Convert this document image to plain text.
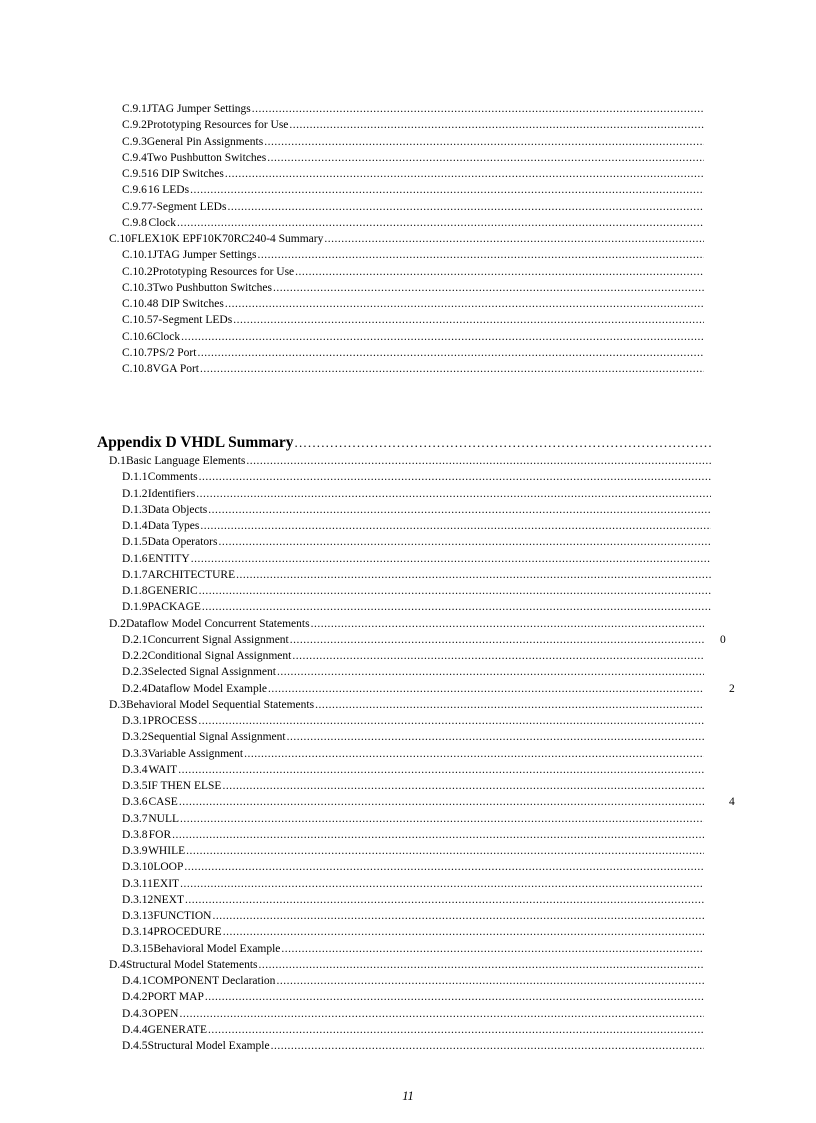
C.9.1 JTAG Jumper Settings
.....
C.9.2 Prototyping Resources for Use
.....
C.9.3 General Pin Assignments
.....
C.9.4 Two Pushbutton Switches
.....
C.9.5 16 DIP Switches
.....
C.9.6 16 LEDs
.....
C.9.7 7-Segment LEDs
.....
C.9.8 Clock
.....
C.10 FLEX10K EPF10K70RC240-4 Summary
.....
C.10.1 JTAG Jumper Settings
.....
C.10.2 Prototyping Resources for Use
.....
C.10.3 Two Pushbutton Switches
.....
C.10.4 8 DIP Switches
.....
C.10.5 7-Segment LEDs
.....
C.10.6 Clock
.....
C.10.7 PS/2 Port
.....
C.10.8 VGA Port
.....
Appendix D VHDL Summary
.....
D.1 Basic Language Elements
.....
D.1.1 Comments
.....
D.1.2 Identifiers
.....
D.1.3 Data Objects
.....
D.1.4 Data Types
.....
D.1.5 Data Operators
.....
D.1.6 ENTITY
.....
D.1.7 ARCHITECTURE
.....
D.1.8 GENERIC
.....
D.1.9 PACKAGE
.....
D.2 Dataflow Model Concurrent Statements
.....
D.2.1 Concurrent Signal Assignment .....	0
D.2.2 Conditional Signal Assignment
.....
D.2.3 Selected Signal Assignment
.....
D.2.4 Dataflow Model Example .....	2
D.3 Behavioral Model Sequential Statements
.....
D.3.1 PROCESS
.....
D.3.2 Sequential Signal Assignment
.....
D.3.3 Variable Assignment
.....
D.3.4 WAIT
.....
D.3.5 IF THEN ELSE
.....
D.3.6 CASE .....	4
D.3.7 NULL
.....
D.3.8 FOR
.....
D.3.9 WHILE
.....
D.3.10 LOOP
.....
D.3.11 EXIT
.....
D.3.12 NEXT
.....
D.3.13 FUNCTION
.....
D.3.14 PROCEDURE
.....
D.3.15 Behavioral Model Example
.....
D.4 Structural Model Statements
.....
D.4.1 COMPONENT Declaration
.....
D.4.2 PORT MAP
.....
D.4.3 OPEN
.....
D.4.4 GENERATE
.....
D.4.5 Structural Model Example
.....
11
